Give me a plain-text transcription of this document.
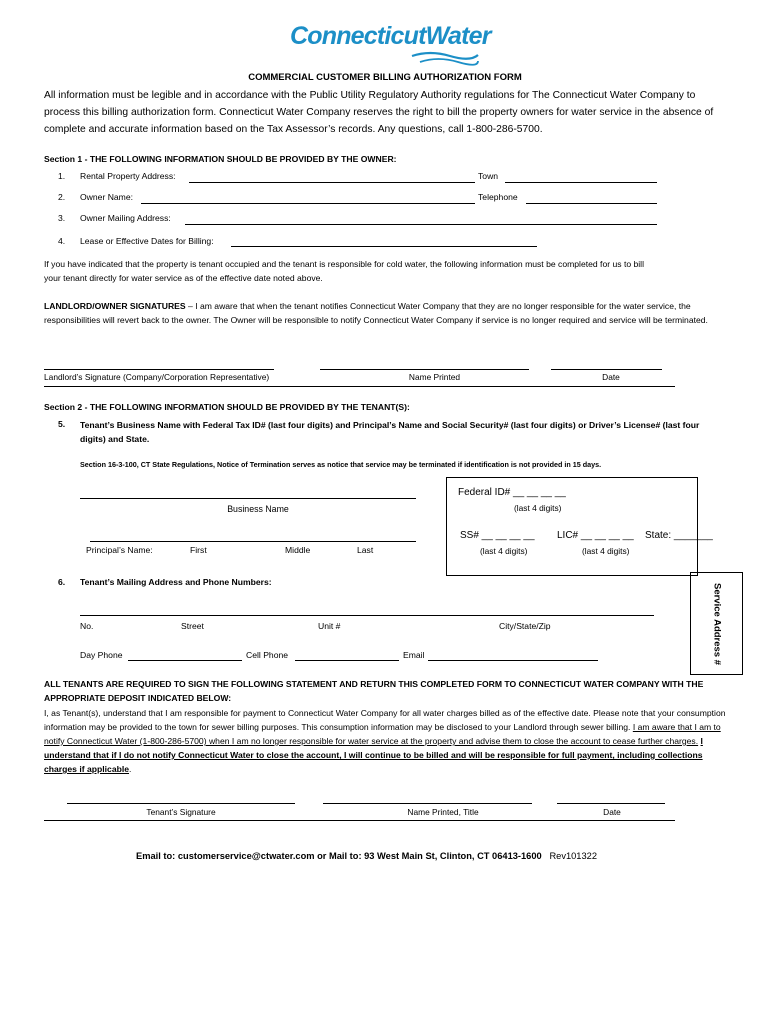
ConnecticutWater
COMMERCIAL CUSTOMER BILLING AUTHORIZATION FORM
All information must be legible and in accordance with the Public Utility Regulatory Authority regulations for The Connecticut Water Company to process this billing authorization form. Connecticut Water Company reserves the right to bill the property owners for water service in the absence of complete and accurate information based on the Tax Assessor’s records. Any questions, call 1-800-286-5700.
Section 1 - THE FOLLOWING INFORMATION SHOULD BE PROVIDED BY THE OWNER:
1. Rental Property Address:	Town
2. Owner Name:	Telephone
3. Owner Mailing Address:
4. Lease or Effective Dates for Billing:
If you have indicated that the property is tenant occupied and the tenant is responsible for cold water, the following information must be completed for us to bill your tenant directly for water service as of the effective date noted above.
LANDLORD/OWNER SIGNATURES – I am aware that when the tenant notifies Connecticut Water Company that they are no longer responsible for the water service, the responsibilities will revert back to the owner. The Owner will be responsible to notify Connecticut Water Company if service is no longer required and service will be terminated.
Landlord’s Signature (Company/Corporation Representative)	Name Printed	Date
Section 2 - THE FOLLOWING INFORMATION SHOULD BE PROVIDED BY THE TENANT(S):
5. Tenant’s Business Name with Federal Tax ID# (last four digits) and Principal’s Name and Social Security# (last four digits) or Driver’s License# (last four digits) and State.
Section 16-3-100, CT State Regulations, Notice of Termination serves as notice that service may be terminated if identification is not provided in 15 days.
Business Name
Federal ID# __ __ __ __
(last 4 digits)
Principal’s Name:	First	Middle	Last
SS# __ __ __ __ LIC# __ __ __ __ State: _______
(last 4 digits)	(last 4 digits)
6. Tenant’s Mailing Address and Phone Numbers:
Service Address #
No.	Street	Unit #	City/State/Zip
Day Phone	Cell Phone	Email
ALL TENANTS ARE REQUIRED TO SIGN THE FOLLOWING STATEMENT AND RETURN THIS COMPLETED FORM TO CONNECTICUT WATER COMPANY WITH THE APPROPRIATE DEPOSIT INDICATED BELOW:
I, as Tenant(s), understand that I am responsible for payment to Connecticut Water Company for all water charges billed as of the effective date. Please note that your consumption information may be provided to the town for sewer billing purposes. This consumption information may be disclosed to your Landlord through sewer billing. I am aware that I am to notify Connecticut Water (1-800-286-5700) when I am no longer responsible for water service at the property and advise them to close the account to cease further charges. I understand that if I do not notify Connecticut Water to close the account, I will continue to be billed and will be responsible for full payment, including collections charges if applicable.
Tenant’s Signature	Name Printed, Title	Date
Email to: customerservice@ctwater.com or Mail to: 93 West Main St, Clinton, CT 06413-1600 Rev101322
